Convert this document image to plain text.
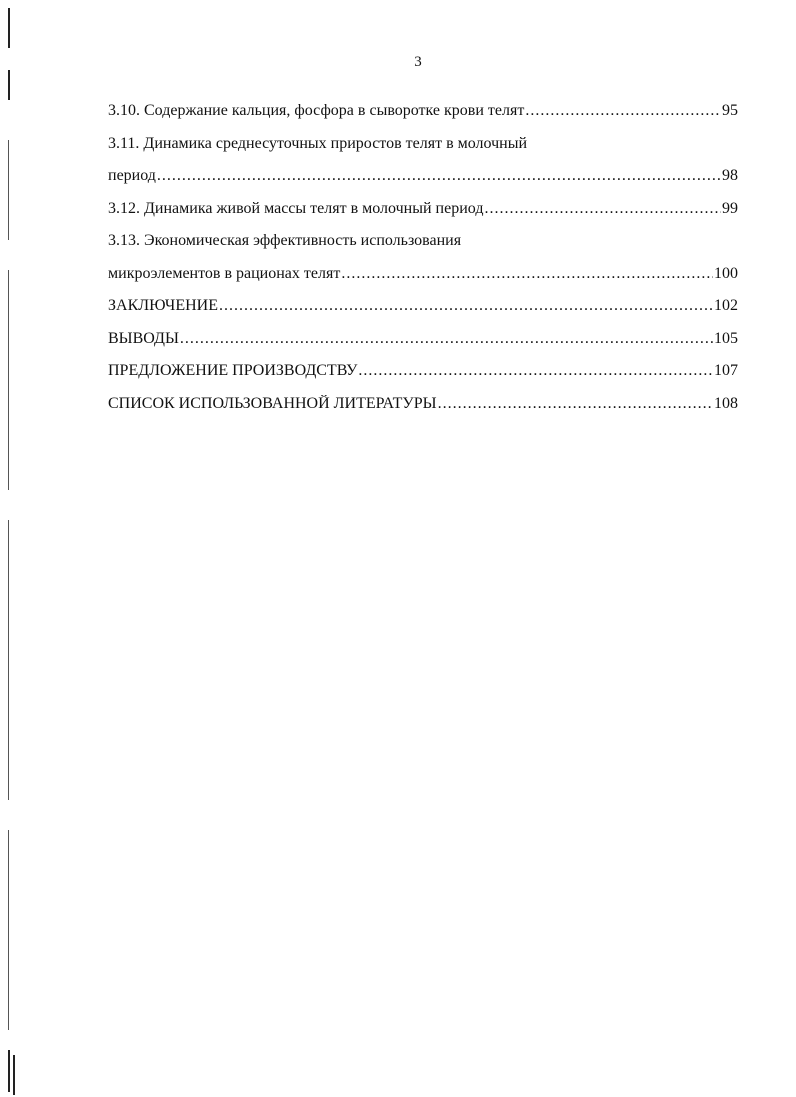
3
3.10. Содержание кальция, фосфора в сыворотке крови телят .....	95
3.11. Динамика среднесуточных приростов телят в молочный
период .....	98
3.12. Динамика живой массы телят в молочный период .....	99
3.13. Экономическая эффективность использования
микроэлементов в рационах телят .....	100
ЗАКЛЮЧЕНИЕ .....	102
ВЫВОДЫ .....	105
ПРЕДЛОЖЕНИЕ ПРОИЗВОДСТВУ .....	107
СПИСОК ИСПОЛЬЗОВАННОЙ ЛИТЕРАТУРЫ .....	108
